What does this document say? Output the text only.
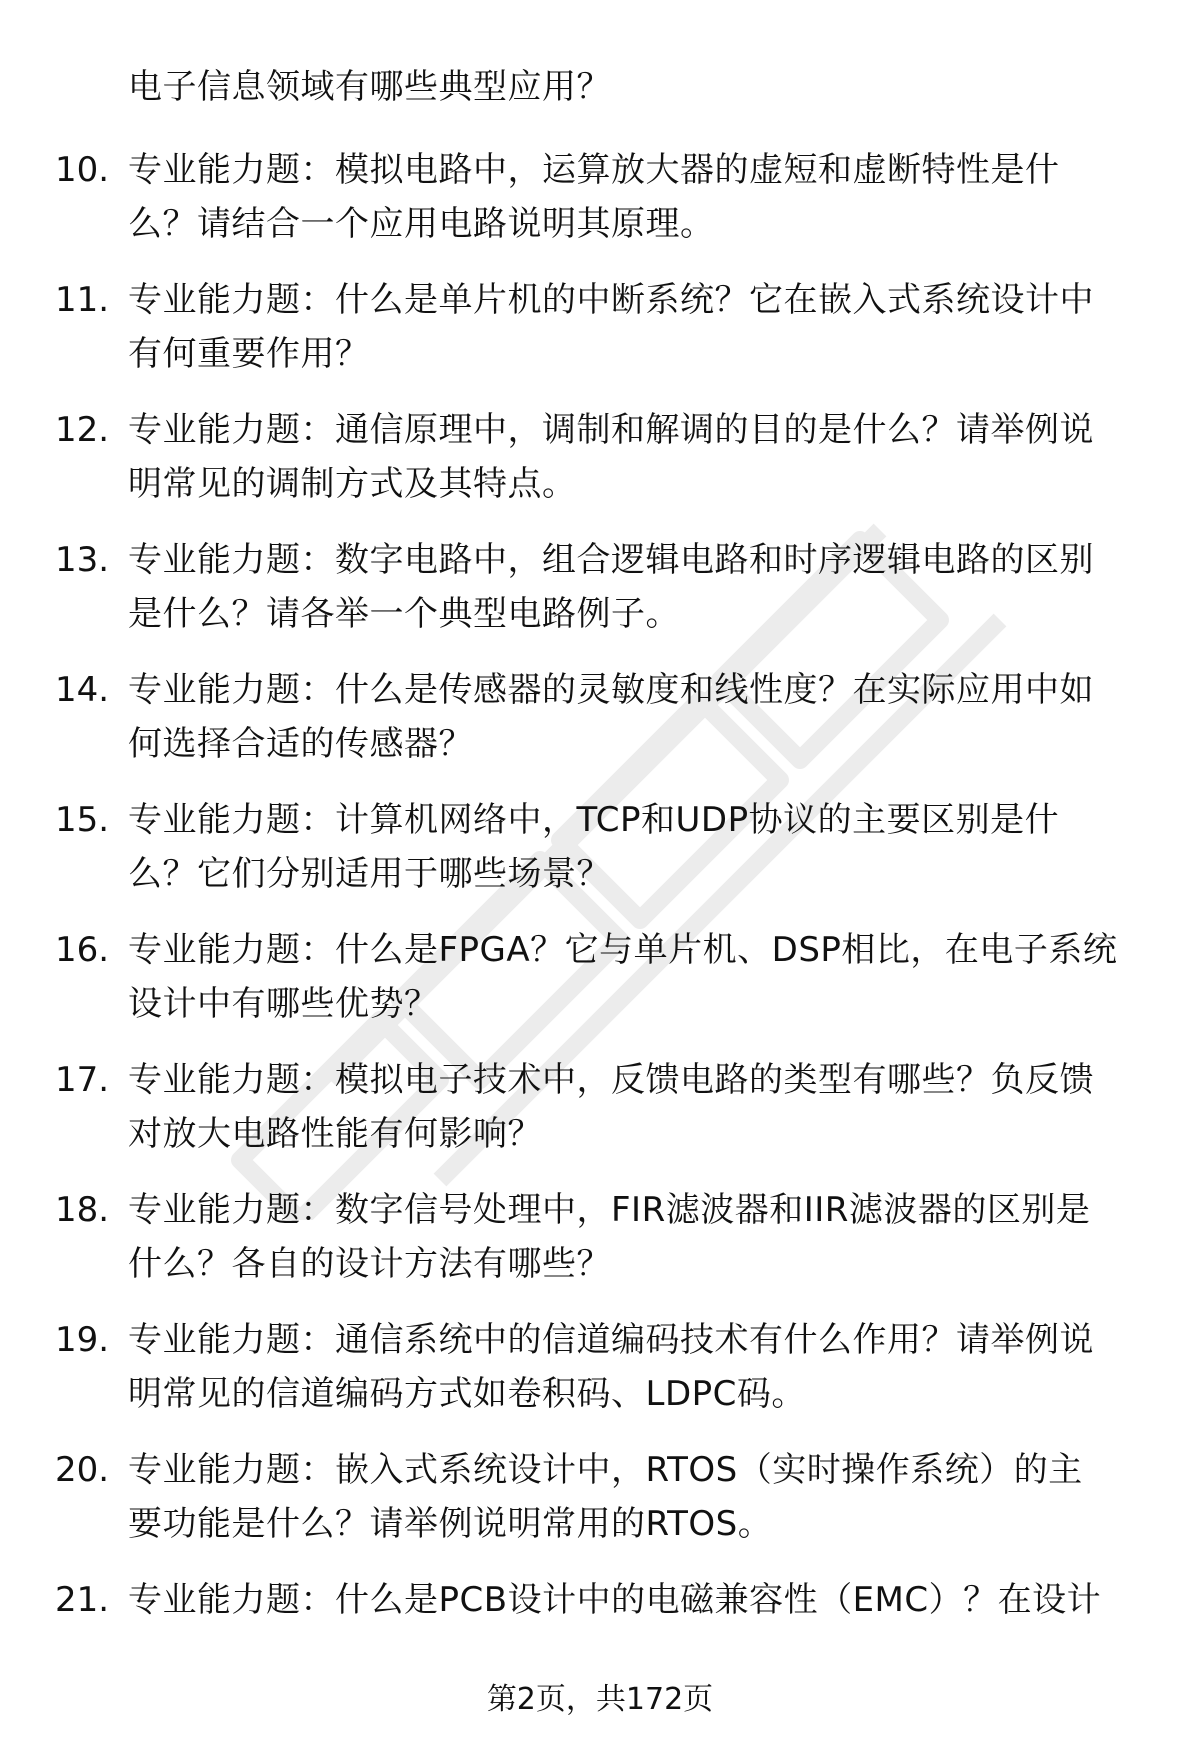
电子信息领域有哪些典型应用？
10. 专业能力题：模拟电路中，运算放大器的虚短和虚断特性是什
么？请结合一个应用电路说明其原理。
11. 专业能力题：什么是单片机的中断系统？它在嵌入式系统设计中
有何重要作用？
12. 专业能力题：通信原理中，调制和解调的目的是什么？请举例说
明常见的调制方式及其特点。
13. 专业能力题：数字电路中，组合逻辑电路和时序逻辑电路的区别
是什么？请各举一个典型电路例子。
14. 专业能力题：什么是传感器的灵敏度和线性度？在实际应用中如
何选择合适的传感器？
15. 专业能力题：计算机网络中，TCP和UDP协议的主要区别是什
么？它们分别适用于哪些场景？
16. 专业能力题：什么是FPGA？它与单片机、DSP相比，在电子系统
设计中有哪些优势？
17. 专业能力题：模拟电子技术中，反馈电路的类型有哪些？负反馈
对放大电路性能有何影响？
18. 专业能力题：数字信号处理中，FIR滤波器和IIR滤波器的区别是
什么？各自的设计方法有哪些？
19. 专业能力题：通信系统中的信道编码技术有什么作用？请举例说
明常见的信道编码方式如卷积码、LDPC码。
20. 专业能力题：嵌入式系统设计中，RTOS（实时操作系统）的主
要功能是什么？请举例说明常用的RTOS。
21. 专业能力题：什么是PCB设计中的电磁兼容性（EMC）？在设计
第2页，共172页
